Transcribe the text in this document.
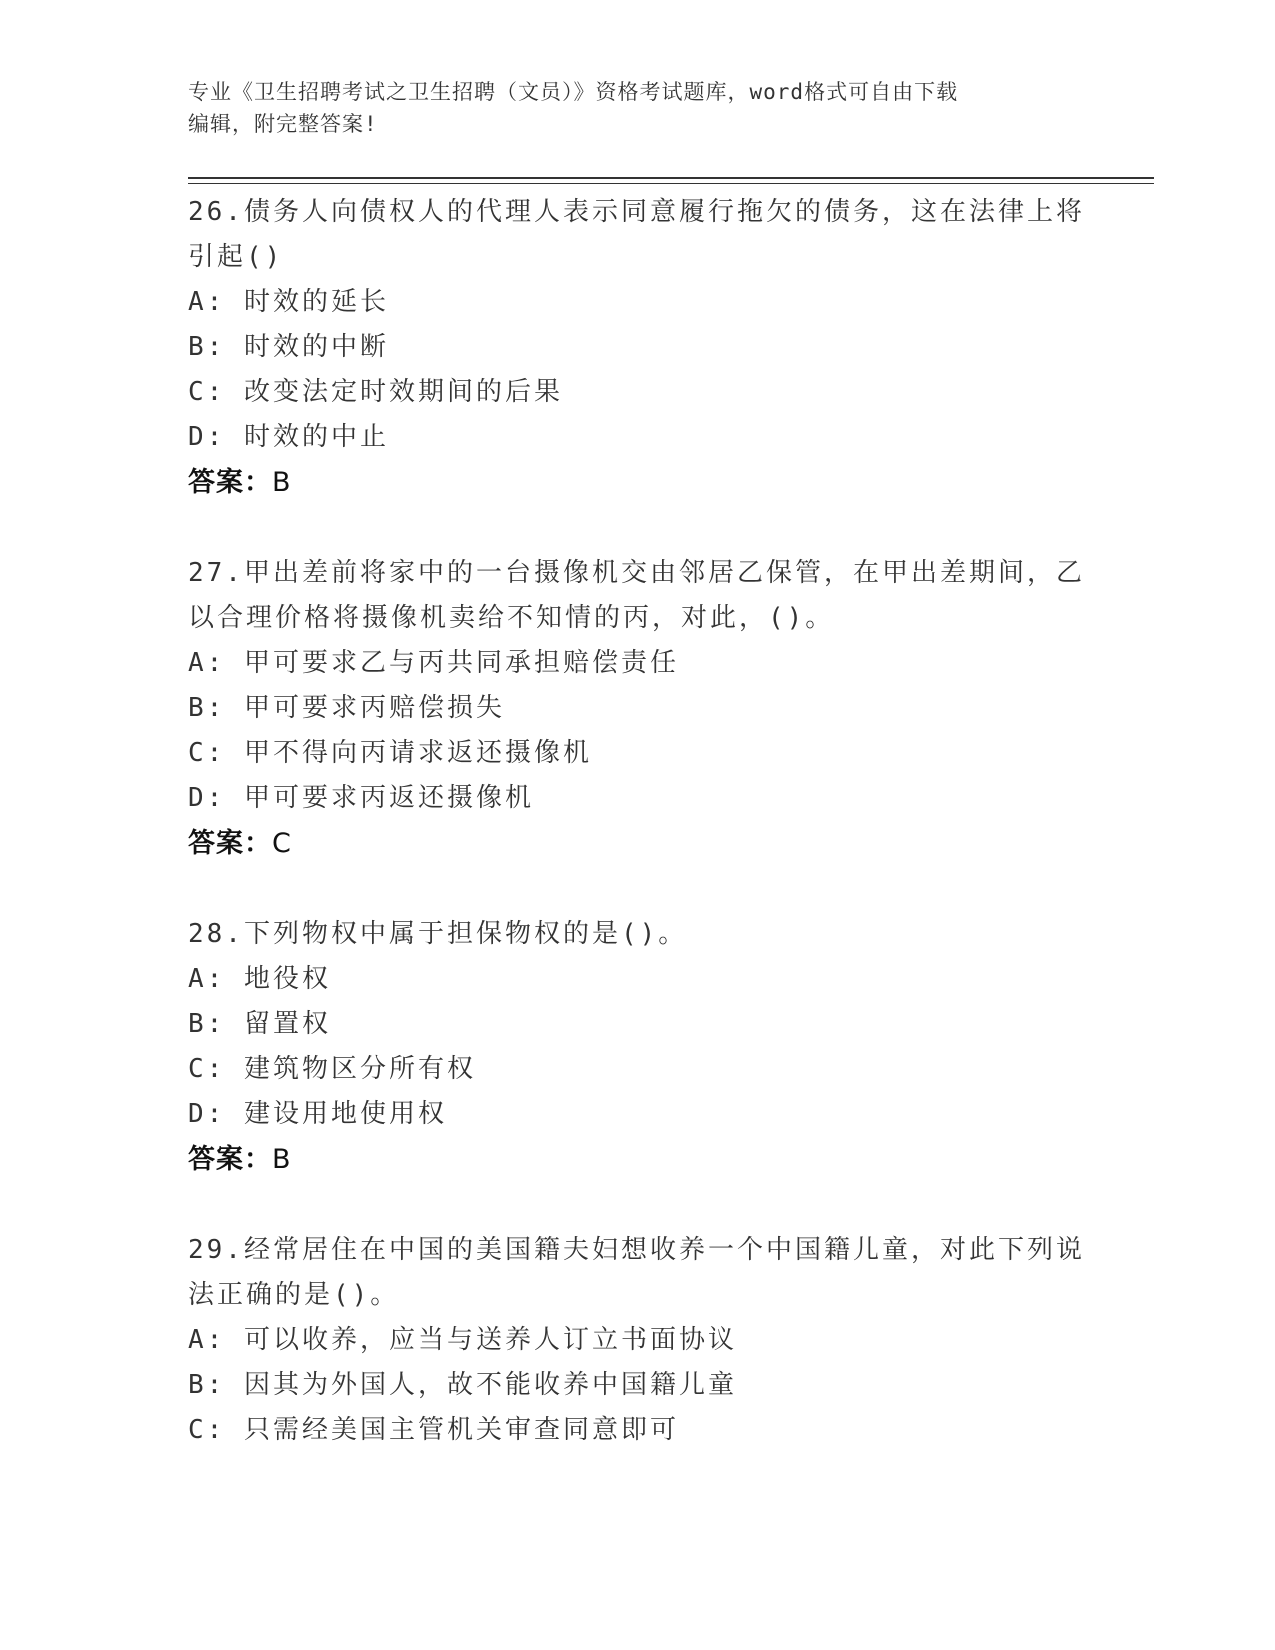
专业《卫生招聘考试之卫生招聘（文员）》资格考试题库，word格式可自由下载
编辑，附完整答案!
26.债务人向债权人的代理人表示同意履行拖欠的债务，这在法律上将
引起()
A: 时效的延长
B: 时效的中断
C: 改变法定时效期间的后果
D: 时效的中止
答案：B
27.甲出差前将家中的一台摄像机交由邻居乙保管，在甲出差期间，乙
以合理价格将摄像机卖给不知情的丙，对此，()。
A: 甲可要求乙与丙共同承担赔偿责任
B: 甲可要求丙赔偿损失
C: 甲不得向丙请求返还摄像机
D: 甲可要求丙返还摄像机
答案：C
28.下列物权中属于担保物权的是()。
A: 地役权
B: 留置权
C: 建筑物区分所有权
D: 建设用地使用权
答案：B
29.经常居住在中国的美国籍夫妇想收养一个中国籍儿童，对此下列说
法正确的是()。
A: 可以收养，应当与送养人订立书面协议
B: 因其为外国人，故不能收养中国籍儿童
C: 只需经美国主管机关审查同意即可
